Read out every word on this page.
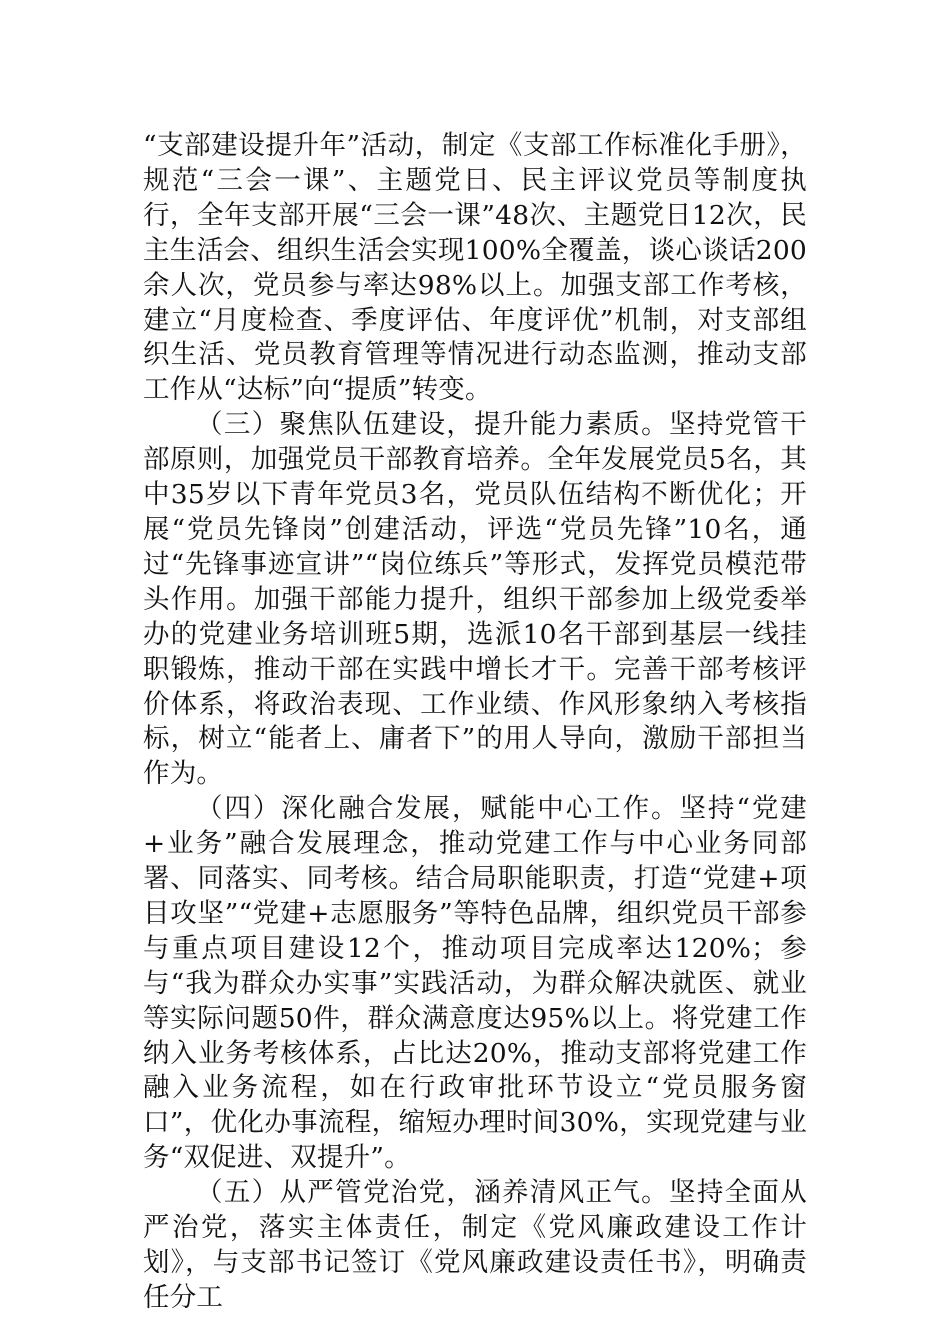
“支部建设提升年”活动，制定《支部工作标准化手册》，规范“三会一课”、主题党日、民主评议党员等制度执行，全年支部开展“三会一课”48次、主题党日12次，民主生活会、组织生活会实现100%全覆盖，谈心谈话200余人次，党员参与率达98%以上。加强支部工作考核，建立“月度检查、季度评估、年度评优”机制，对支部组织生活、党员教育管理等情况进行动态监测，推动支部工作从“达标”向“提质”转变。

（三）聚焦队伍建设，提升能力素质。坚持党管干部原则，加强党员干部教育培养。全年发展党员5名，其中35岁以下青年党员3名，党员队伍结构不断优化；开展“党员先锋岗”创建活动，评选“党员先锋”10名，通过“先锋事迹宣讲”“岗位练兵”等形式，发挥党员模范带头作用。加强干部能力提升，组织干部参加上级党委举办的党建业务培训班5期，选派10名干部到基层一线挂职锻炼，推动干部在实践中增长才干。完善干部考核评价体系，将政治表现、工作业绩、作风形象纳入考核指标，树立“能者上、庸者下”的用人导向，激励干部担当作为。

（四）深化融合发展，赋能中心工作。坚持“党建+业务”融合发展理念，推动党建工作与中心业务同部署、同落实、同考核。结合局职能职责，打造“党建+项目攻坚”“党建+志愿服务”等特色品牌，组织党员干部参与重点项目建设12个，推动项目完成率达120%；参与“我为群众办实事”实践活动，为群众解决就医、就业等实际问题50件，群众满意度达95%以上。将党建工作纳入业务考核体系，占比达20%，推动支部将党建工作融入业务流程，如在行政审批环节设立“党员服务窗口”，优化办事流程，缩短办理时间30%，实现党建与业务“双促进、双提升”。

（五）从严管党治党，涵养清风正气。坚持全面从严治党，落实主体责任，制定《党风廉政建设工作计划》，与支部书记签订《党风廉政建设责任书》，明确责任分工
